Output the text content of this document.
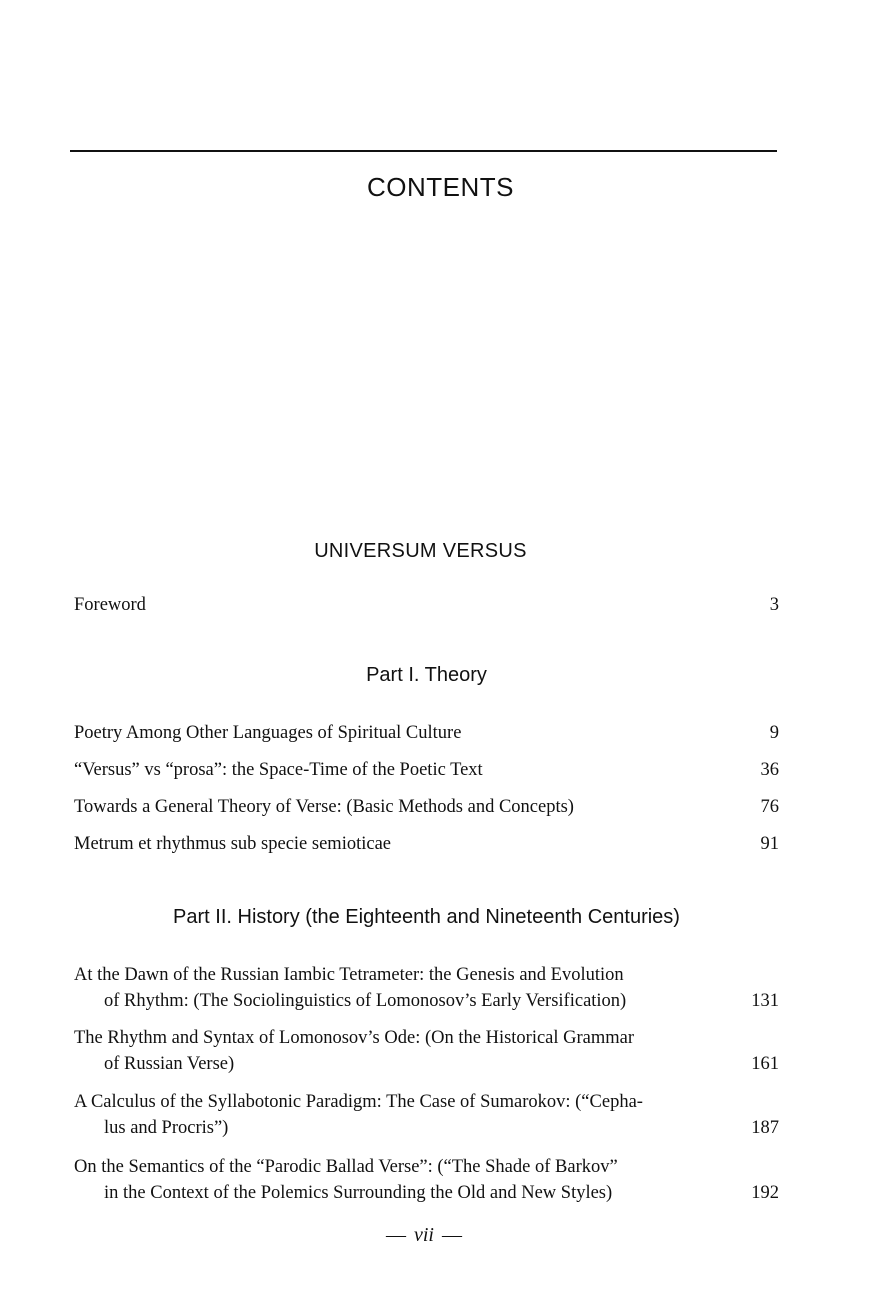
CONTENTS
UNIVERSUM VERSUS
Foreword	3
Part I. Theory
Poetry Among Other Languages of Spiritual Culture	9
“Versus” vs “prosa”: the Space-Time of the Poetic Text	36
Towards a General Theory of Verse: (Basic Methods and Concepts)	76
Metrum et rhythmus sub specie semioticae	91
Part II. History (the Eighteenth and Nineteenth Centuries)
At the Dawn of the Russian Iambic Tetrameter: the Genesis and Evolution
of Rhythm: (The Sociolinguistics of Lomonosov’s Early Versification)	131
The Rhythm and Syntax of Lomonosov’s Ode: (On the Historical Grammar
of Russian Verse)	161
A Calculus of the Syllabotonic Paradigm: The Case of Sumarokov: (“Cepha-
lus and Procris”)	187
On the Semantics of the “Parodic Ballad Verse”: (“The Shade of Barkov”
in the Context of the Polemics Surrounding the Old and New Styles)	192
— vii —
